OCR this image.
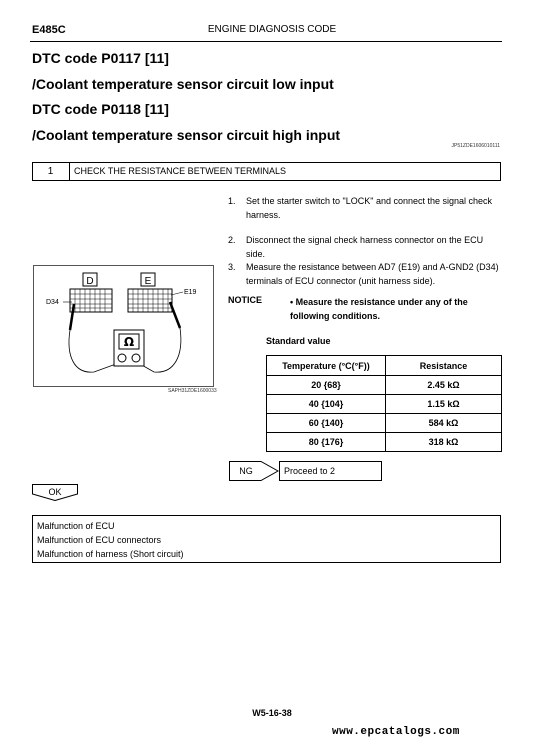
E485C	ENGINE DIAGNOSIS CODE
DTC code P0117 [11]
/Coolant temperature sensor circuit low input
DTC code P0118 [11]
/Coolant temperature sensor circuit high input
JP51ZDE1606010111
1	CHECK THE RESISTANCE BETWEEN TERMINALS
1. Set the starter switch to "LOCK" and connect the signal check harness.
2. Disconnect the signal check harness connector on the ECU side.
3. Measure the resistance between AD7 (E19) and A-GND2 (D34) terminals of ECU connector (unit harness side).
NOTICE	• Measure the resistance under any of the following conditions.
D	E
D34
E19
Ω
SAPH31ZDE1600033
Standard value
Temperature (°C(°F))	Resistance
20 {68}	2.45 kΩ
40 {104}	1.15 kΩ
60 {140}	584 kΩ
80 {176}	318 kΩ
NG	Proceed to 2
OK
Malfunction of ECU
Malfunction of ECU connectors
Malfunction of harness (Short circuit)
W5-16-38
www.epcatalogs.com
